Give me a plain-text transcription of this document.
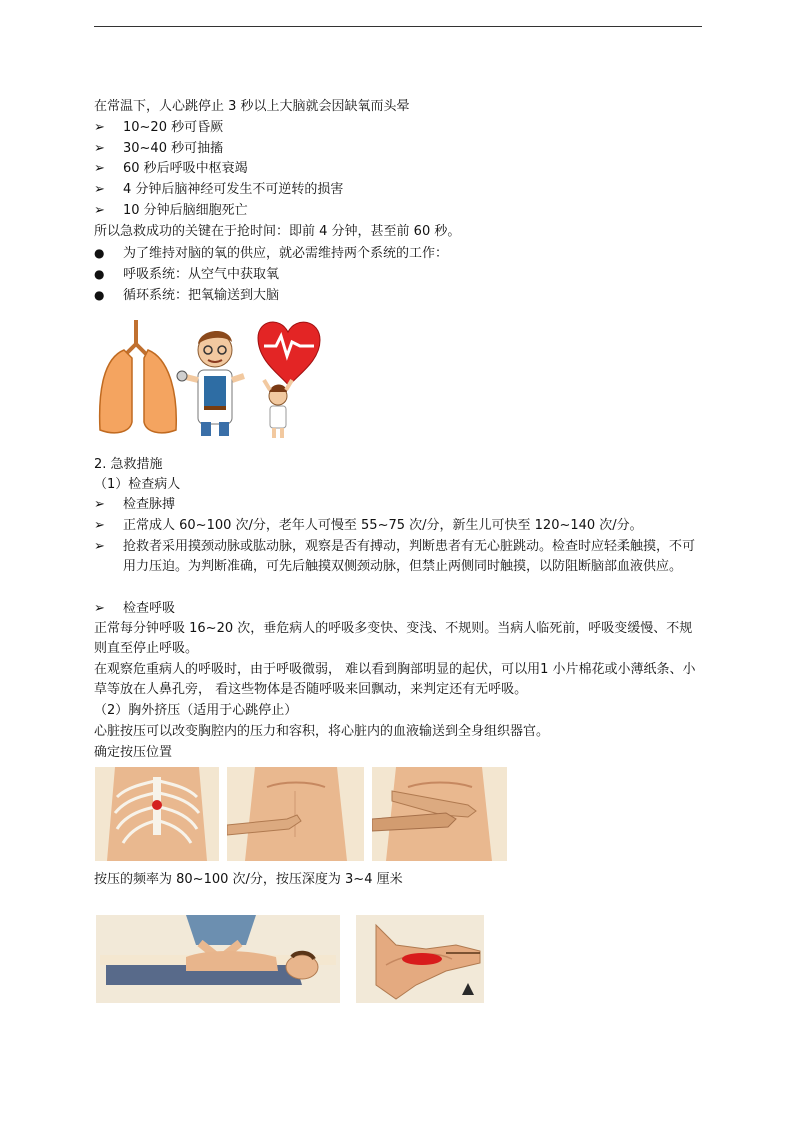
在常温下，人心跳停止 3 秒以上大脑就会因缺氧而头晕
➢ 10~20 秒可昏厥
➢ 30~40 秒可抽搐
➢ 60 秒后呼吸中枢衰竭
➢ 4 分钟后脑神经可发生不可逆转的损害
➢ 10 分钟后脑细胞死亡
所以急救成功的关键在于抢时间：即前 4 分钟，甚至前 60 秒。
● 为了维持对脑的氧的供应，就必需维持两个系统的工作：
● 呼吸系统：从空气中获取氧
● 循环系统：把氧输送到大脑
2. 急救措施
（1）检查病人
➢ 检查脉搏
➢ 正常成人 60~100 次/分，老年人可慢至 55~75 次/分，新生儿可快至 120~140 次/分。
➢ 抢救者采用摸颈动脉或肱动脉，观察是否有搏动，判断患者有无心脏跳动。检查时应轻柔触摸，不可用力压迫。为判断准确，可先后触摸双侧颈动脉，但禁止两侧同时触摸，以防阻断脑部血液供应。
➢ 检查呼吸
正常每分钟呼吸 16~20 次，垂危病人的呼吸多变快、变浅、不规则。当病人临死前，呼吸变缓慢、不规则直至停止呼吸。
在观察危重病人的呼吸时，由于呼吸微弱， 难以看到胸部明显的起伏，可以用1 小片棉花或小薄纸条、小草等放在人鼻孔旁， 看这些物体是否随呼吸来回飘动，来判定还有无呼吸。
（2）胸外挤压（适用于心跳停止）
心脏按压可以改变胸腔内的压力和容积，将心脏内的血液输送到全身组织器官。
确定按压位置
按压的频率为 80~100 次/分，按压深度为 3~4 厘米
